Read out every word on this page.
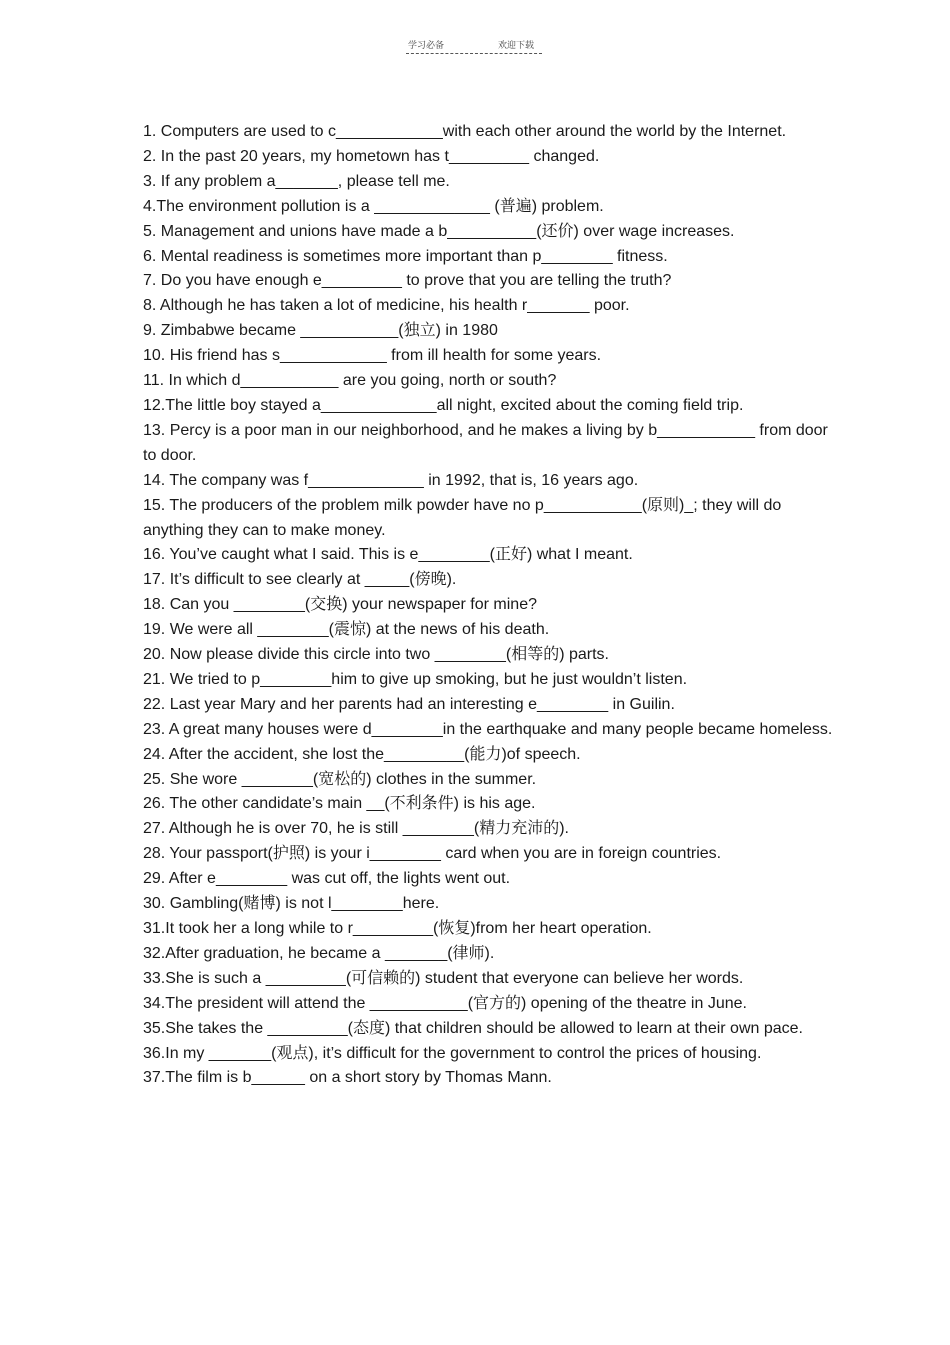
学习必备	欢迎下载

1. Computers are used to c____________with each other around the world by the Internet.

2. In the past 20 years, my hometown has t_________ changed.

3. If any problem a_______, please tell me.

4.The environment pollution is a _____________ (普遍) problem.

5. Management and unions have made a b__________(还价) over wage increases.

6. Mental readiness is sometimes more important than p________ fitness.

7. Do you have enough e_________ to prove that you are telling the truth?

8. Although he has taken a lot of medicine, his health r_______ poor.

9. Zimbabwe became ___________(独立) in 1980

10. His friend has s____________ from ill health for some years.

11. In which d___________ are you going, north or south?

12.The little boy stayed a_____________all night, excited about the coming field trip.

13. Percy is a poor man in our neighborhood, and he makes a living by b___________ from door to door.

14. The company was f_____________ in 1992, that is, 16 years ago.

15. The producers of the problem milk powder have no p___________(原则)_; they will do anything they can to make money.

16. You’ve caught what I said. This is e________(正好) what I meant.

17. It’s difficult to see clearly at _____(傍晚).

18. Can you ________(交换) your newspaper for mine?

19. We were all ________(震惊) at the news of his death.

20. Now please divide this circle into two ________(相等的) parts.

21. We tried to p________him to give up smoking, but he just wouldn’t listen.

22. Last year Mary and her parents had an interesting e________ in Guilin.

23. A great many houses were d________in the earthquake and many people became homeless.

24. After the accident, she lost the_________(能力)of speech.

25. She wore ________(宽松的) clothes in the summer.

26. The other candidate’s main __(不利条件) is his age.

27. Although he is over 70, he is still ________(精力充沛的).

28. Your passport(护照) is your i________ card when you are in foreign countries.

29. After e________ was cut off, the lights went out.

30. Gambling(赌博) is not l________here.

31.It took her a long while to r_________(恢复)from her heart operation.

32.After graduation, he became a _______(律师).

33.She is such a _________(可信赖的) student that everyone can believe her words.

34.The president will attend the ___________(官方的) opening of the theatre in June.

35.She takes the _________(态度) that children should be allowed to learn at their own pace.

36.In my _______(观点), it’s difficult for the government to control the prices of housing.

37.The film is b______ on a short story by Thomas Mann.
